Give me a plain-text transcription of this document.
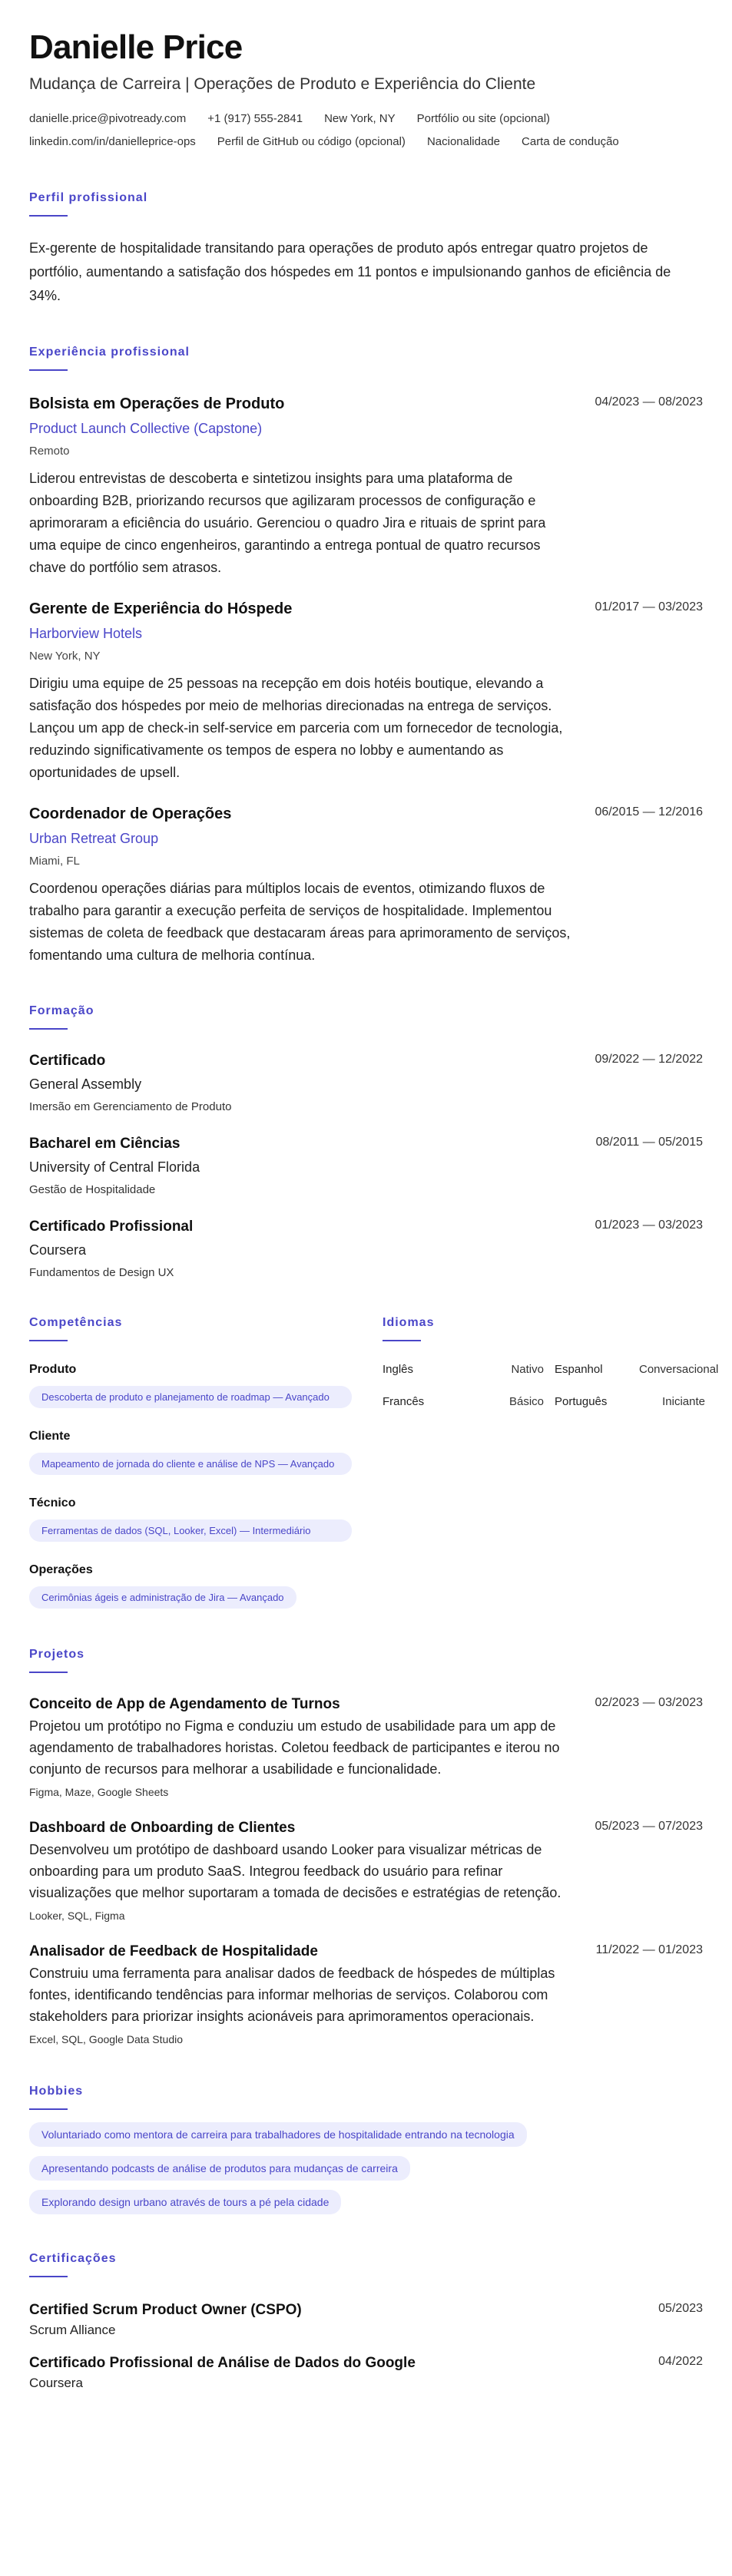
Danielle Price
Mudança de Carreira | Operações de Produto e Experiência do Cliente
danielle.price@pivotready.com +1 (917) 555-2841 New York, NY Portfólio ou site (opcional)
linkedin.com/in/danielleprice-ops Perfil de GitHub ou código (opcional) Nacionalidade Carta de condução
Perfil profissional
Ex-gerente de hospitalidade transitando para operações de produto após entregar quatro projetos de portfólio, aumentando a satisfação dos hóspedes em 11 pontos e impulsionando ganhos de eficiência de 34%.
Experiência profissional
Bolsista em Operações de Produto	04/2023 — 08/2023
Product Launch Collective (Capstone)
Remoto
Liderou entrevistas de descoberta e sintetizou insights para uma plataforma de onboarding B2B, priorizando recursos que agilizaram processos de configuração e aprimoraram a eficiência do usuário. Gerenciou o quadro Jira e rituais de sprint para uma equipe de cinco engenheiros, garantindo a entrega pontual de quatro recursos chave do portfólio sem atrasos.
Gerente de Experiência do Hóspede	01/2017 — 03/2023
Harborview Hotels
New York, NY
Dirigiu uma equipe de 25 pessoas na recepção em dois hotéis boutique, elevando a satisfação dos hóspedes por meio de melhorias direcionadas na entrega de serviços. Lançou um app de check-in self-service em parceria com um fornecedor de tecnologia, reduzindo significativamente os tempos de espera no lobby e aumentando as oportunidades de upsell.
Coordenador de Operações	06/2015 — 12/2016
Urban Retreat Group
Miami, FL
Coordenou operações diárias para múltiplos locais de eventos, otimizando fluxos de trabalho para garantir a execução perfeita de serviços de hospitalidade. Implementou sistemas de coleta de feedback que destacaram áreas para aprimoramento de serviços, fomentando uma cultura de melhoria contínua.
Formação
Certificado	09/2022 — 12/2022
General Assembly
Imersão em Gerenciamento de Produto
Bacharel em Ciências	08/2011 — 05/2015
University of Central Florida
Gestão de Hospitalidade
Certificado Profissional	01/2023 — 03/2023
Coursera
Fundamentos de Design UX
Competências
Produto
Descoberta de produto e planejamento de roadmap — Avançado
Cliente
Mapeamento de jornada do cliente e análise de NPS — Avançado
Técnico
Ferramentas de dados (SQL, Looker, Excel) — Intermediário
Operações
Cerimônias ágeis e administração de Jira — Avançado
Idiomas
Inglês	Nativo Espanhol	Conversacional
Francês	Básico Português	Iniciante
Projetos
Conceito de App de Agendamento de Turnos	02/2023 — 03/2023
Projetou um protótipo no Figma e conduziu um estudo de usabilidade para um app de agendamento de trabalhadores horistas. Coletou feedback de participantes e iterou no conjunto de recursos para melhorar a usabilidade e funcionalidade.
Figma, Maze, Google Sheets
Dashboard de Onboarding de Clientes	05/2023 — 07/2023
Desenvolveu um protótipo de dashboard usando Looker para visualizar métricas de onboarding para um produto SaaS. Integrou feedback do usuário para refinar visualizações que melhor suportaram a tomada de decisões e estratégias de retenção.
Looker, SQL, Figma
Analisador de Feedback de Hospitalidade	11/2022 — 01/2023
Construiu uma ferramenta para analisar dados de feedback de hóspedes de múltiplas fontes, identificando tendências para informar melhorias de serviços. Colaborou com stakeholders para priorizar insights acionáveis para aprimoramentos operacionais.
Excel, SQL, Google Data Studio
Hobbies
Voluntariado como mentora de carreira para trabalhadores de hospitalidade entrando na tecnologia
Apresentando podcasts de análise de produtos para mudanças de carreira
Explorando design urbano através de tours a pé pela cidade
Certificações
Certified Scrum Product Owner (CSPO)	05/2023
Scrum Alliance
Certificado Profissional de Análise de Dados do Google	04/2022
Coursera
